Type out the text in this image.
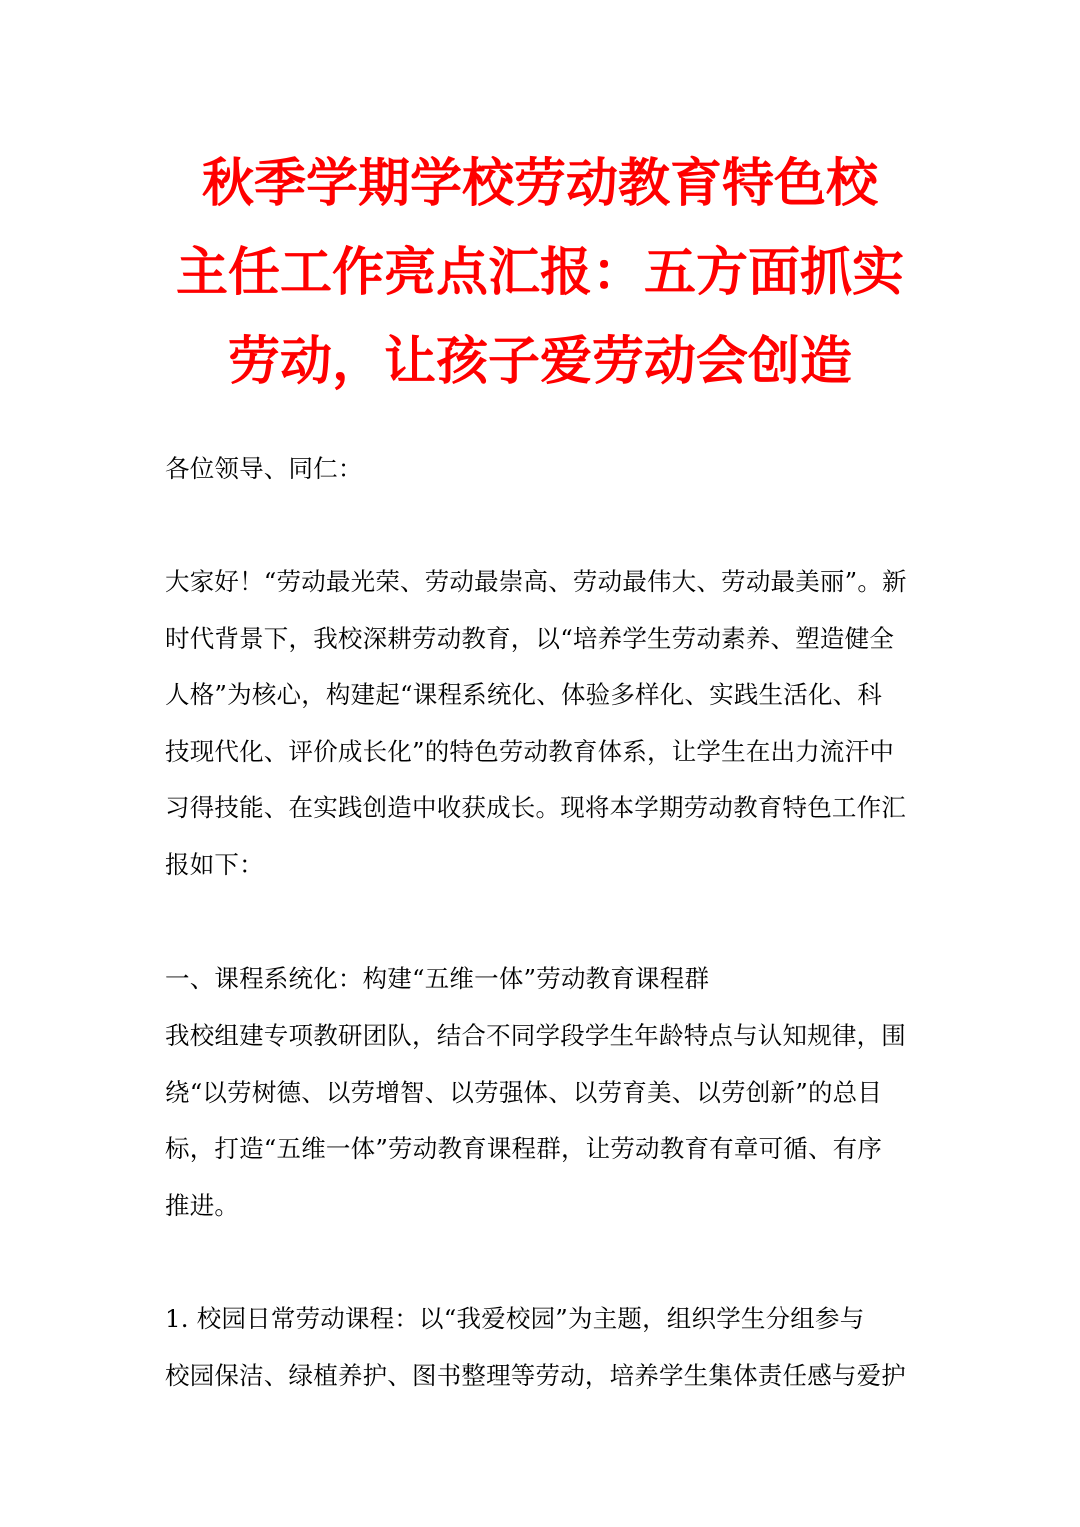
秋季学期学校劳动教育特色校
主任工作亮点汇报：五方面抓实
劳动，让孩子爱劳动会创造

各位领导、同仁：

大家好！“劳动最光荣、劳动最崇高、劳动最伟大、劳动最美丽”。新
时代背景下，我校深耕劳动教育，以“培养学生劳动素养、塑造健全
人格”为核心，构建起“课程系统化、体验多样化、实践生活化、科
技现代化、评价成长化”的特色劳动教育体系，让学生在出力流汗中
习得技能、在实践创造中收获成长。现将本学期劳动教育特色工作汇
报如下：

一、课程系统化：构建“五维一体”劳动教育课程群

我校组建专项教研团队，结合不同学段学生年龄特点与认知规律，围
绕“以劳树德、以劳增智、以劳强体、以劳育美、以劳创新”的总目
标，打造“五维一体”劳动教育课程群，让劳动教育有章可循、有序
推进。

1. 校园日常劳动课程：以“我爱校园”为主题，组织学生分组参与
校园保洁、绿植养护、图书整理等劳动，培养学生集体责任感与爱护
